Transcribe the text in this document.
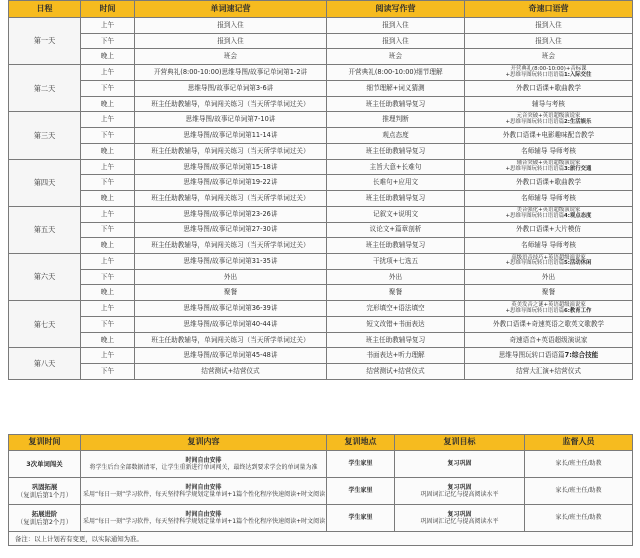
日程	时间	单词速记营	阅读写作营	奇速口语营
第一天	上午	报到入住	报到入住	报到入住
	下午	报到入住	报到入住	报到入住
	晚上	班会	班会	班会
第二天	上午	开营典礼(8:00-10:00)思维导图/故事记单词第1-2讲	开营典礼(8:00-10:00)细节理解	开营典礼(8:00-10:00)+音标课
+思维导图玩转口语语篇1:入际交往
	下午	思维导图/故事记单词第3-6讲	细节理解+词义猜测	外教口语课+歌曲教学
	晚上	班主任助教辅导，单词闯关练习（当天所学单词过关）	班主任助教辅导复习	辅导与考核
第三天	上午	思维导图/故事记单词第7-10讲	推理判断	元音突破+英语超级演说家
+思维导图玩转口语语篇2:生活娱乐
	下午	思维导图/故事记单词第11-14讲	观点态度	外教口语课+电影趣味配音教学
	晚上	班主任助教辅导，单词闯关练习（当天所学单词过关）	班主任助教辅导复习	名师辅导 导师考核
第四天	上午	思维导图/故事记单词第15-18讲	主旨大意+长难句	辅音突破+英语超级演说家
+思维导图玩转口语语篇3:旅行交通
	下午	思维导图/故事记单词第19-22讲	长难句+应用文	外教口语课+歌曲教学
	晚上	班主任助教辅导，单词闯关练习（当天所学单词过关）	班主任助教辅导复习	名师辅导 导师考核
第五天	上午	思维导图/故事记单词第23-26讲	记叙文+说明文	美音强化+英语超级演说家
+思维导图玩转口语语篇4:观点态度
	下午	思维导图/故事记单词第27-30讲	议论文+篇章剖析	外教口语课+大片模仿
	晚上	班主任助教辅导，单词闯关练习（当天所学单词过关）	班主任助教辅导复习	名师辅导 导师考核
第六天	上午	思维导图/故事记单词第31-35讲	干扰项+七选五	高级语音技巧+英语超级演说家
+思维导图玩转口语语篇5:活动休闲
	下午	外出	外出	外出
	晚上	聚餐	聚餐	聚餐
第七天	上午	思维导图/故事记单词第36-39讲	完形填空+语法填空	英美发音之谜+英语超级演说家
+思维导图玩转口语语篇6:教育工作
	下午	思维导图/故事记单词第40-44讲	短文改错+书面表达	外教口语课+奇速英语之歌英文歌教学
	晚上	班主任助教辅导，单词闯关练习（当天所学单词过关）	班主任助教辅导复习	奇速语音+英语超级演说家
第八天	上午	思维导图/故事记单词第45-48讲	书面表达+听力理解	思维导图玩转口语语篇7:综合技能
	下午	结营测试+结营仪式	结营测试+结营仪式	结营大汇演+结营仪式
复训时间	复训内容	复训地点	复训目标	监督人员
3次单词闯关	时间自由安排
将学生后台全部数据清零，让学生重新进行单词闯关，最终达到要求学会的单词量为准	学生家里	复习巩固	家长/班主任/助教
巩固拓展
（复训后第1个月）	时间自由安排
采用“每日一刻”学习软件，每天坚持科学规划定量单词+1篇个性化程序快速阅读+时文阅读	学生家里	复习巩固
巩固词汇记忆与提高阅读水平	家长/班主任/助教
拓展进阶
（复训后第2个月）	时间自由安排
采用“每日一刻”学习软件，每天坚持科学规划定量单词+1篇个性化程序快速阅读+时文阅读	学生家里	复习巩固
巩固词汇记忆与提高阅读水平	家长/班主任/助教
备注：以上计划若有变更，以实际通知为准。				
